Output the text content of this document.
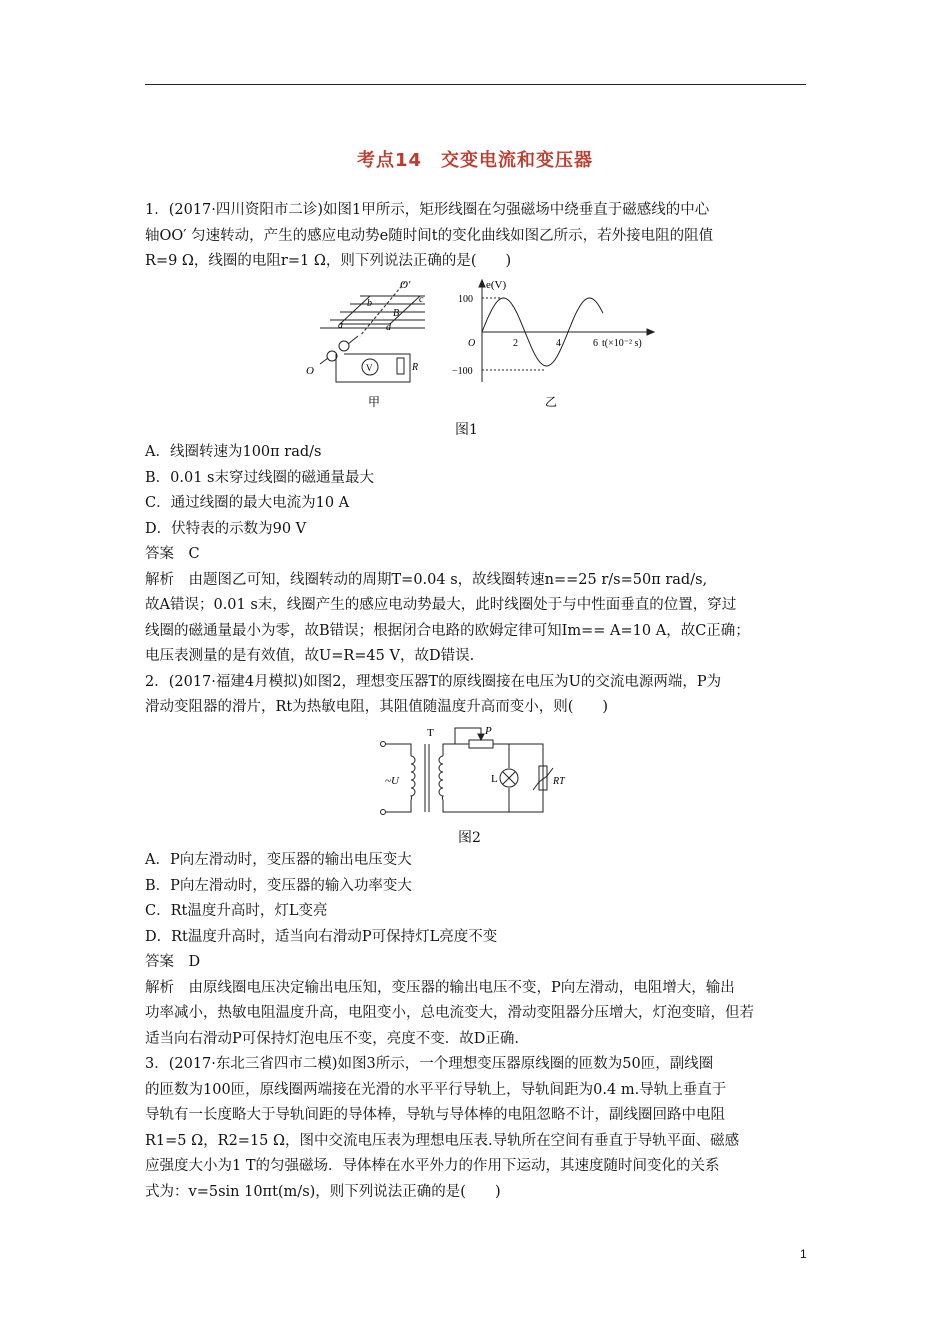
考点14　交变电流和变压器
1．(2017·四川资阳市二诊)如图1甲所示，矩形线圈在匀强磁场中绕垂直于磁感线的中心
轴OO′ 匀速转动，产生的感应电动势e随时间t的变化曲线如图乙所示，若外接电阻的阻值
R=9 Ω，线圈的电阻r=1 Ω，则下列说法正确的是(　　)
O′
b	c
B
a	d
O	V	R
甲
e(V)
100
O
−100
2	4	6 t(×10⁻² s)
乙
图1
A．线圈转速为100π rad/s
B．0.01 s末穿过线圈的磁通量最大
C．通过线圈的最大电流为10 A
D．伏特表的示数为90 V
答案　C
解析　由题图乙可知，线圈转动的周期T=0.04 s，故线圈转速n==25 r/s=50π rad/s,
故A错误；0.01 s末，线圈产生的感应电动势最大，此时线圈处于与中性面垂直的位置，穿过
线圈的磁通量最小为零，故B错误；根据闭合电路的欧姆定律可知Im== A=10 A，故C正确；
电压表测量的是有效值，故U=R=45 V，故D错误.
2．(2017·福建4月模拟)如图2，理想变压器T的原线圈接在电压为U的交流电源两端，P为
滑动变阻器的滑片，Rt为热敏电阻，其阻值随温度升高而变小，则(　　)
T	P
~U	L	RT
图2
A．P向左滑动时，变压器的输出电压变大
B．P向左滑动时，变压器的输入功率变大
C．Rt温度升高时，灯L变亮
D．Rt温度升高时，适当向右滑动P可保持灯L亮度不变
答案　D
解析　由原线圈电压决定输出电压知，变压器的输出电压不变，P向左滑动，电阻增大，输出
功率减小，热敏电阻温度升高，电阻变小，总电流变大，滑动变阻器分压增大，灯泡变暗，但若
适当向右滑动P可保持灯泡电压不变，亮度不变．故D正确.
3．(2017·东北三省四市二模)如图3所示，一个理想变压器原线圈的匝数为50匝，副线圈
的匝数为100匝，原线圈两端接在光滑的水平平行导轨上，导轨间距为0.4 m.导轨上垂直于
导轨有一长度略大于导轨间距的导体棒，导轨与导体棒的电阻忽略不计，副线圈回路中电阻
R1=5 Ω，R2=15 Ω，图中交流电压表为理想电压表.导轨所在空间有垂直于导轨平面、磁感
应强度大小为1 T的匀强磁场．导体棒在水平外力的作用下运动，其速度随时间变化的关系
式为：v=5sin 10πt(m/s)，则下列说法正确的是(　　)
1
